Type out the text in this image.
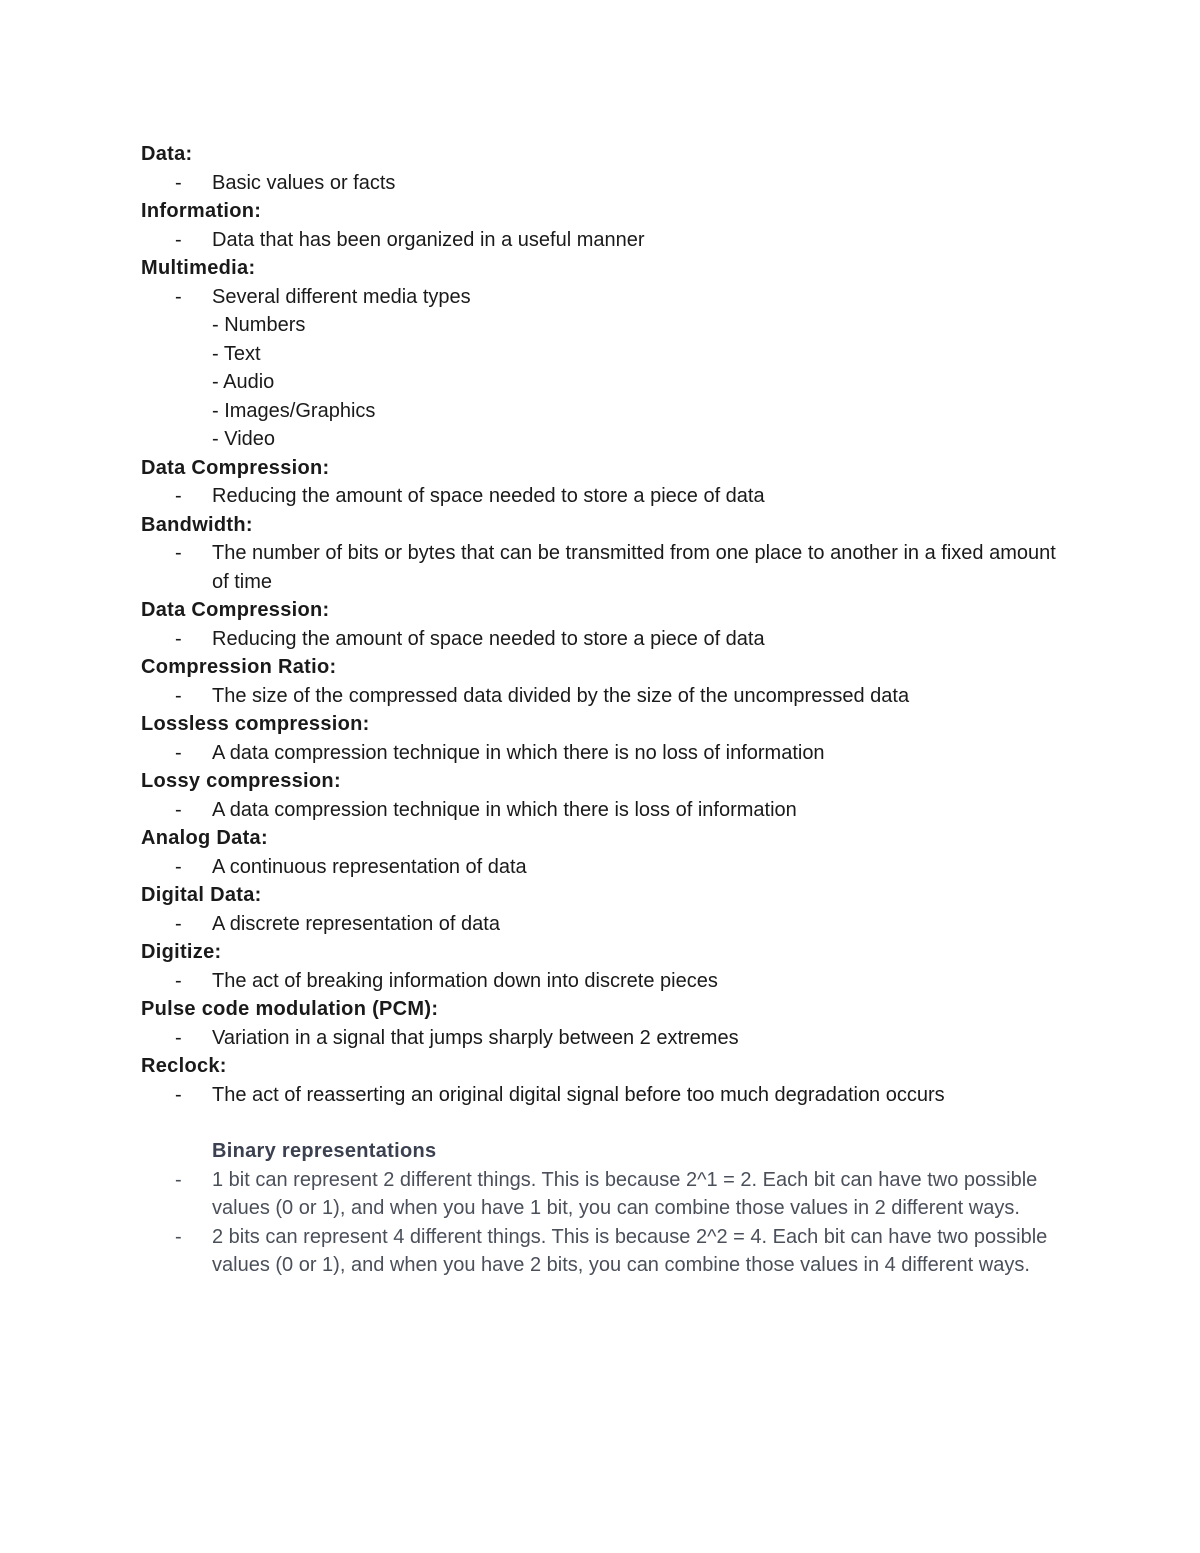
Data:
- Basic values or facts
Information:
- Data that has been organized in a useful manner
Multimedia:
- Several different media types
- Numbers
- Text
- Audio
- Images/Graphics
- Video
Data Compression:
- Reducing the amount of space needed to store a piece of data
Bandwidth:
- The number of bits or bytes that can be transmitted from one place to another in a fixed amount of time
Data Compression:
- Reducing the amount of space needed to store a piece of data
Compression Ratio:
- The size of the compressed data divided by the size of the uncompressed data
Lossless compression:
- A data compression technique in which there is no loss of information
Lossy compression:
- A data compression technique in which there is loss of information
Analog Data:
- A continuous representation of data
Digital Data:
- A discrete representation of data
Digitize:
- The act of breaking information down into discrete pieces
Pulse code modulation (PCM):
- Variation in a signal that jumps sharply between 2 extremes
Reclock:
- The act of reasserting an original digital signal before too much degradation occurs
Binary representations
- 1 bit can represent 2 different things. This is because 2^1 = 2. Each bit can have two possible values (0 or 1), and when you have 1 bit, you can combine those values in 2 different ways.
- 2 bits can represent 4 different things. This is because 2^2 = 4. Each bit can have two possible values (0 or 1), and when you have 2 bits, you can combine those values in 4 different ways.
